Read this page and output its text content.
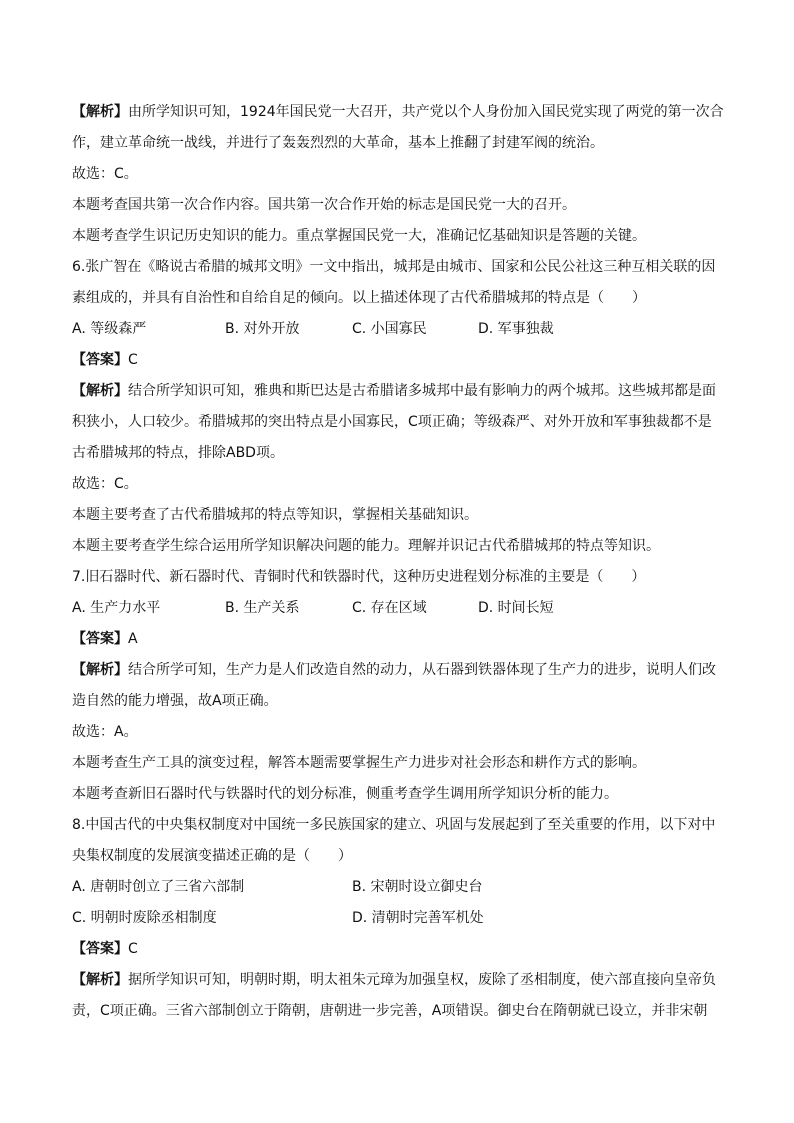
【解析】由所学知识可知，1924年国民党一大召开，共产党以个人身份加入国民党实现了两党的第一次合

作，建立革命统一战线，并进行了轰轰烈烈的大革命，基本上推翻了封建军阀的统治。

故选：C。

本题考查国共第一次合作内容。国共第一次合作开始的标志是国民党一大的召开。

本题考查学生识记历史知识的能力。重点掌握国民党一大，准确记忆基础知识是答题的关键。

6.张广智在《略说古希腊的城邦文明》一文中指出，城邦是由城市、国家和公民公社这三种互相关联的因

素组成的，并具有自治性和自给自足的倾向。以上描述体现了古代希腊城邦的特点是（　　）

A. 等级森严	B. 对外开放	C. 小国寡民	D. 军事独裁

【答案】C

【解析】结合所学知识可知，雅典和斯巴达是古希腊诸多城邦中最有影响力的两个城邦。这些城邦都是面

积狭小，人口较少。希腊城邦的突出特点是小国寡民，C项正确；等级森严、对外开放和军事独裁都不是

古希腊城邦的特点，排除ABD项。

故选：C。

本题主要考查了古代希腊城邦的特点等知识，掌握相关基础知识。

本题主要考查学生综合运用所学知识解决问题的能力。理解并识记古代希腊城邦的特点等知识。

7.旧石器时代、新石器时代、青铜时代和铁器时代，这种历史进程划分标准的主要是（　　）

A. 生产力水平	B. 生产关系	C. 存在区域	D. 时间长短

【答案】A

【解析】结合所学可知，生产力是人们改造自然的动力，从石器到铁器体现了生产力的进步，说明人们改

造自然的能力增强，故A项正确。

故选：A。

本题考查生产工具的演变过程，解答本题需要掌握生产力进步对社会形态和耕作方式的影响。

本题考查新旧石器时代与铁器时代的划分标准，侧重考查学生调用所学知识分析的能力。

8.中国古代的中央集权制度对中国统一多民族国家的建立、巩固与发展起到了至关重要的作用，以下对中

央集权制度的发展演变描述正确的是（　　）

A. 唐朝时创立了三省六部制	B. 宋朝时设立御史台
C. 明朝时废除丞相制度	D. 清朝时完善军机处

【答案】C

【解析】据所学知识可知，明朝时期，明太祖朱元璋为加强皇权，废除了丞相制度，使六部直接向皇帝负

责，C项正确。三省六部制创立于隋朝，唐朝进一步完善，A项错误。御史台在隋朝就已设立，并非宋朝
